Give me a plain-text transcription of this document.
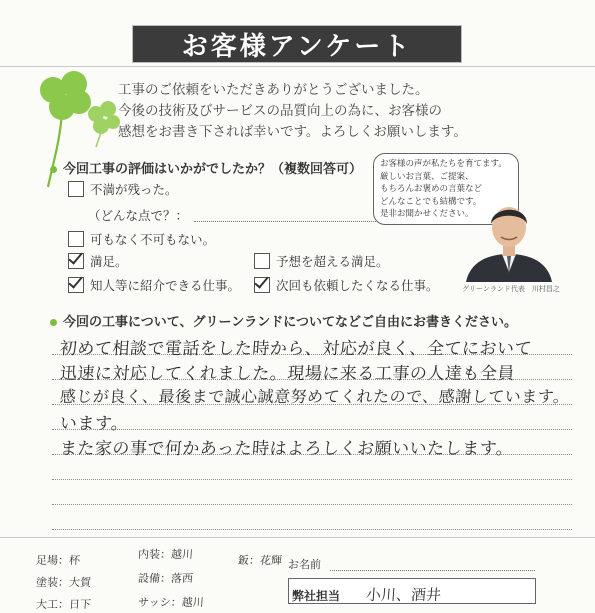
お客様アンケート
工事のご依頼をいただきありがとうございました。
今後の技術及びサービスの品質向上の為に、お客様の
感想をお書き下されば幸いです。よろしくお願いします。
今回工事の評価はいかがでしたか？（複数回答可）
不満が残った。
（どんな点で？：
可もなく不可もない。
満足。	予想を超える満足。
知人等に紹介できる仕事。	次回も依頼したくなる仕事。
お客様の声が私たちを育てます。
厳しいお言葉、ご提案、
もちろんお褒めの言葉など
どんなことでも結構です。
是非お聞かせください。
グリーンランド代表　川村昌之
今回の工事について、グリーンランドについてなどご自由にお書きください。
初めて相談で電話をした時から、対応が良く、全てにおいて
迅速に対応してくれました。現場に来る工事の人達も全員
感じが良く、最後まで誠心誠意努めてくれたので、感謝しています。
います。
また家の事で何かあった時はよろしくお願いいたします。
足場：杯	内装：越川	鈑：花輝
塗装：大賀	設備：落西
大工：日下	サッシ：越川
お名前
弊社担当 小川、酒井
